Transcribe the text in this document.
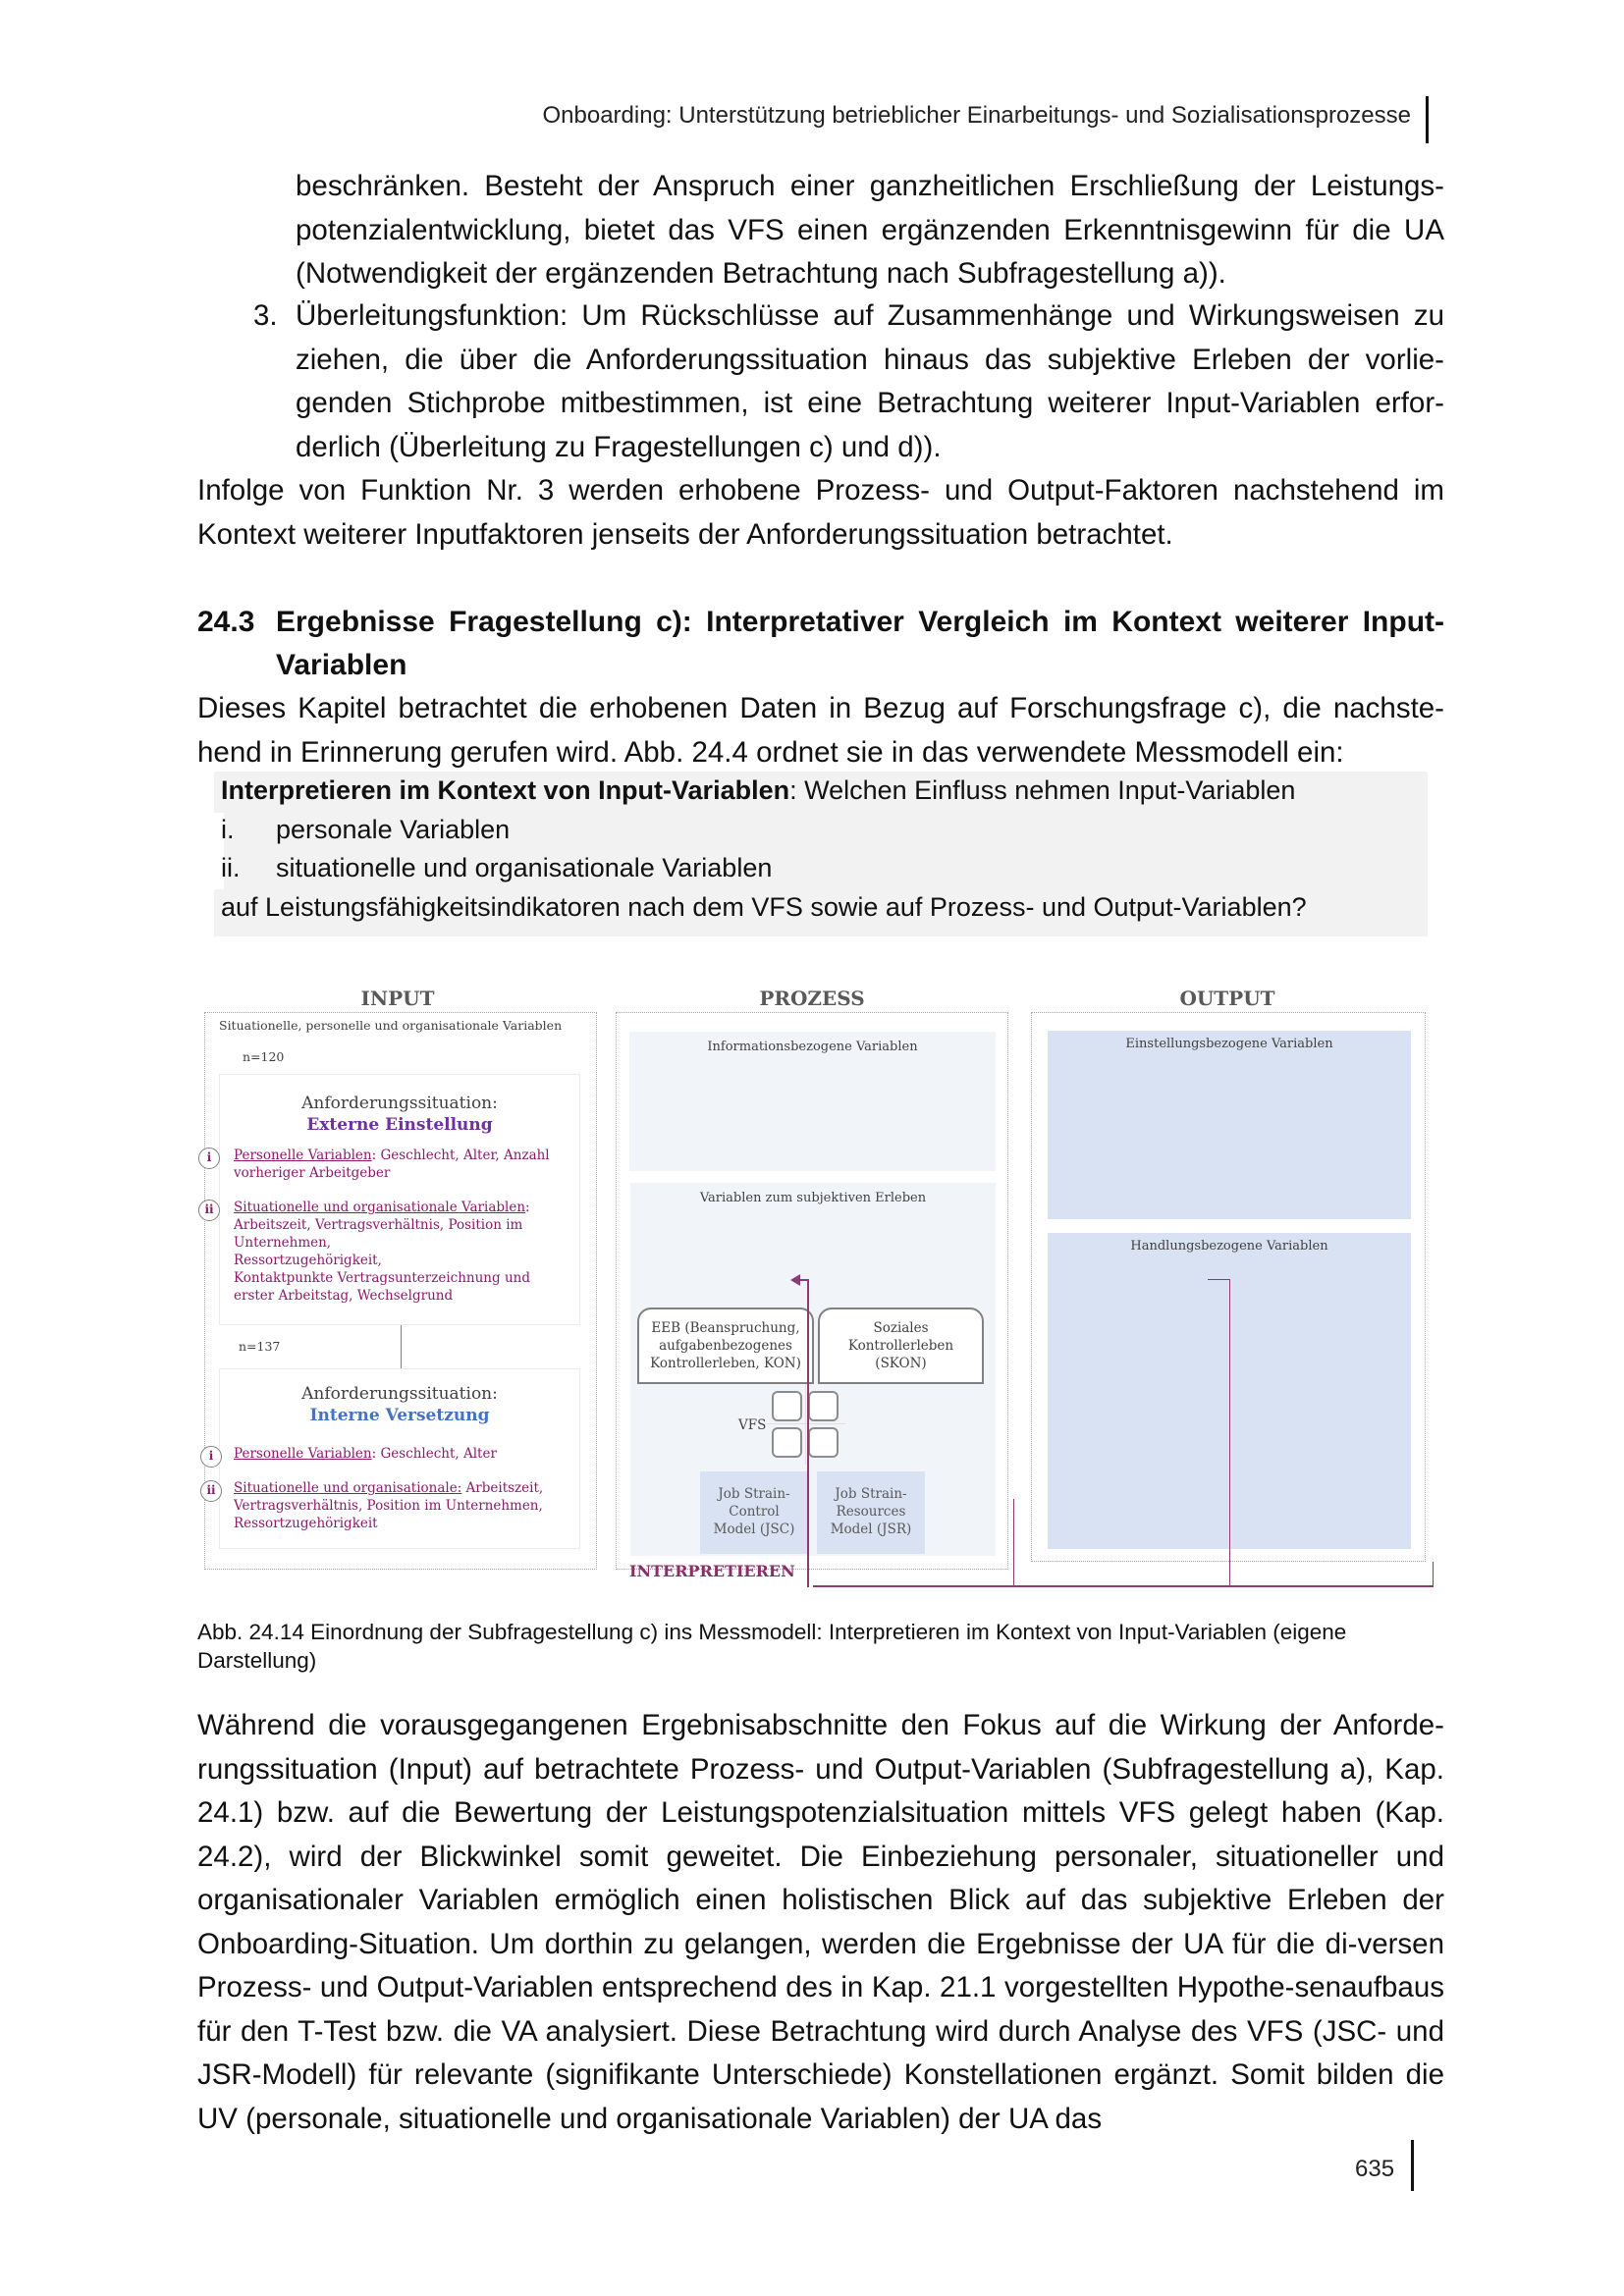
Onboarding: Unterstützung betrieblicher Einarbeitungs- und Sozialisationsprozesse
beschränken. Besteht der Anspruch einer ganzheitlichen Erschließung der Leistungs-potenzialentwicklung, bietet das VFS einen ergänzenden Erkenntnisgewinn für die UA (Notwendigkeit der ergänzenden Betrachtung nach Subfragestellung a)).
3. Überleitungsfunktion: Um Rückschlüsse auf Zusammenhänge und Wirkungsweisen zu ziehen, die über die Anforderungssituation hinaus das subjektive Erleben der vorlie-genden Stichprobe mitbestimmen, ist eine Betrachtung weiterer Input-Variablen erfor-derlich (Überleitung zu Fragestellungen c) und d)).
Infolge von Funktion Nr. 3 werden erhobene Prozess- und Output-Faktoren nachstehend im Kontext weiterer Inputfaktoren jenseits der Anforderungssituation betrachtet.
24.3 Ergebnisse Fragestellung c): Interpretativer Vergleich im Kontext weiterer Input-Variablen
Dieses Kapitel betrachtet die erhobenen Daten in Bezug auf Forschungsfrage c), die nachste-hend in Erinnerung gerufen wird. Abb. 24.4 ordnet sie in das verwendete Messmodell ein:
Interpretieren im Kontext von Input-Variablen: Welchen Einfluss nehmen Input-Variablen
i. personale Variablen
ii. situationelle und organisationale Variablen
auf Leistungsfähigkeitsindikatoren nach dem VFS sowie auf Prozess- und Output-Variablen?
INPUT
Situationelle, personelle und organisationale Variablen
n=120
Anforderungssituation:
Externe Einstellung
i	Personelle Variablen: Geschlecht, Alter, Anzahl vorheriger Arbeitgeber
ii	Situationelle und organisationale Variablen: Arbeitszeit, Vertragsverhältnis, Position im
Unternehmen,
Ressortzugehörigkeit,
Kontaktpunkte Vertragsunterzeichnung und
erster Arbeitstag, Wechselgrund
n=137
Anforderungssituation:
Interne Versetzung
i	Personelle Variablen: Geschlecht, Alter
ii	Situationelle und organisationale: Arbeitszeit,
Vertragsverhältnis, Position im Unternehmen,
Ressortzugehörigkeit
PROZESS
Informationsbezogene Variablen
Variablen zum subjektiven Erleben
EEB (Beanspruchung,
aufgabenbezogenes
Kontrollerleben, KON)
Soziales
Kontrollerleben
(SKON)
VFS
Job Strain-
Control
Model (JSC)
Job Strain-
Resources
Model (JSR)
OUTPUT
Einstellungsbezogene Variablen
Handlungsbezogene Variablen
INTERPRETIEREN
Abb. 24.14 Einordnung der Subfragestellung c) ins Messmodell: Interpretieren im Kontext von Input-Variablen (eigene Darstellung)
Während die vorausgegangenen Ergebnisabschnitte den Fokus auf die Wirkung der Anforde-rungssituation (Input) auf betrachtete Prozess- und Output-Variablen (Subfragestellung a), Kap. 24.1) bzw. auf die Bewertung der Leistungspotenzialsituation mittels VFS gelegt haben (Kap. 24.2), wird der Blickwinkel somit geweitet. Die Einbeziehung personaler, situationeller und organisationaler Variablen ermöglich einen holistischen Blick auf das subjektive Erleben der Onboarding-Situation. Um dorthin zu gelangen, werden die Ergebnisse der UA für die di-versen Prozess- und Output-Variablen entsprechend des in Kap. 21.1 vorgestellten Hypothe-senaufbaus für den T-Test bzw. die VA analysiert. Diese Betrachtung wird durch Analyse des VFS (JSC- und JSR-Modell) für relevante (signifikante Unterschiede) Konstellationen ergänzt. Somit bilden die UV (personale, situationelle und organisationale Variablen) der UA das
635
